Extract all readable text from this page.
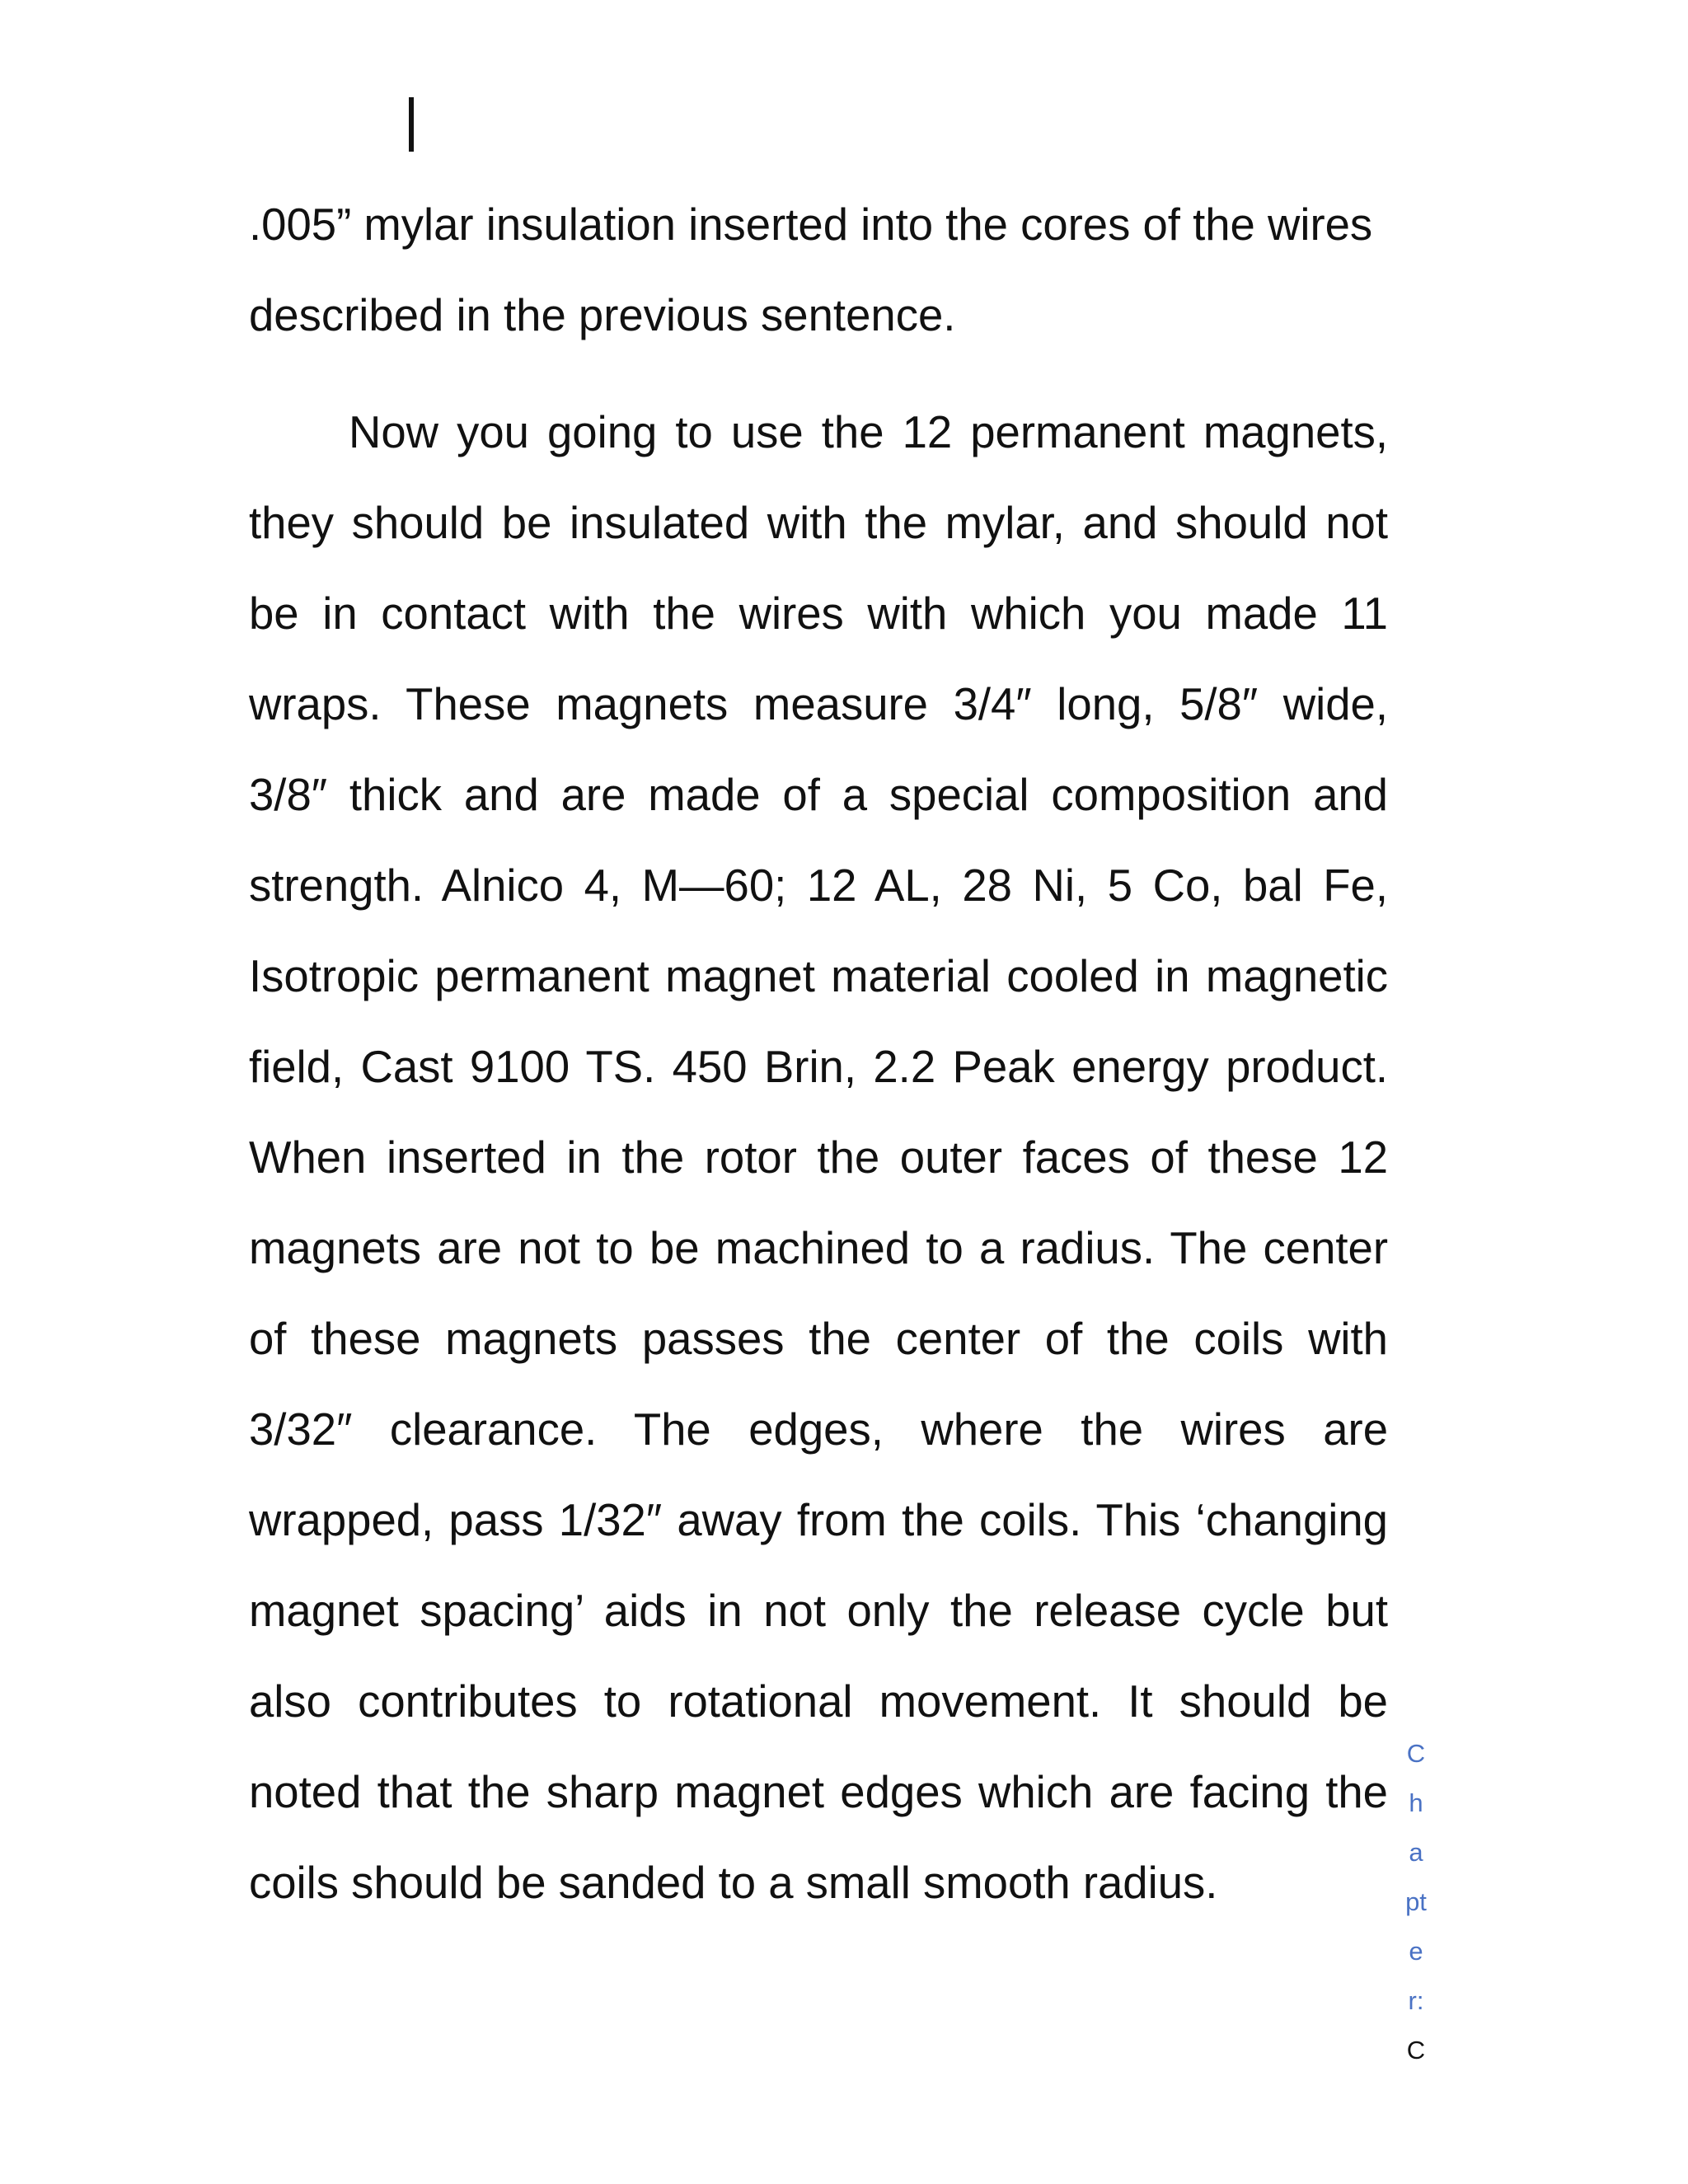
.005” mylar insulation inserted into the cores of the wires described in the previous sentence.
Now you going to use the 12 permanent magnets, they should be insulated with the mylar, and should not be in contact with the wires with which you made 11 wraps. These magnets measure 3/4″ long, 5/8″ wide, 3/8″ thick and are made of a special composition and strength. Alnico 4, M—60; 12 AL, 28 Ni, 5 Co, bal Fe, Isotropic permanent magnet material cooled in magnetic field, Cast 9100 TS. 450 Brin, 2.2 Peak energy product. When inserted in the rotor the outer faces of these 12 magnets are not to be machined to a radius. The center of these magnets passes the center of the coils with 3/32″ clearance. The edges, where the wires are wrapped, pass 1/32″ away from the coils. This ‘changing magnet spacing’ aids in not only the release cycle but also contributes to rotational movement. It should be noted that the sharp magnet edges which are facing the coils should be sanded to a small smooth radius.
C
h
a
pt
e
r:
C
